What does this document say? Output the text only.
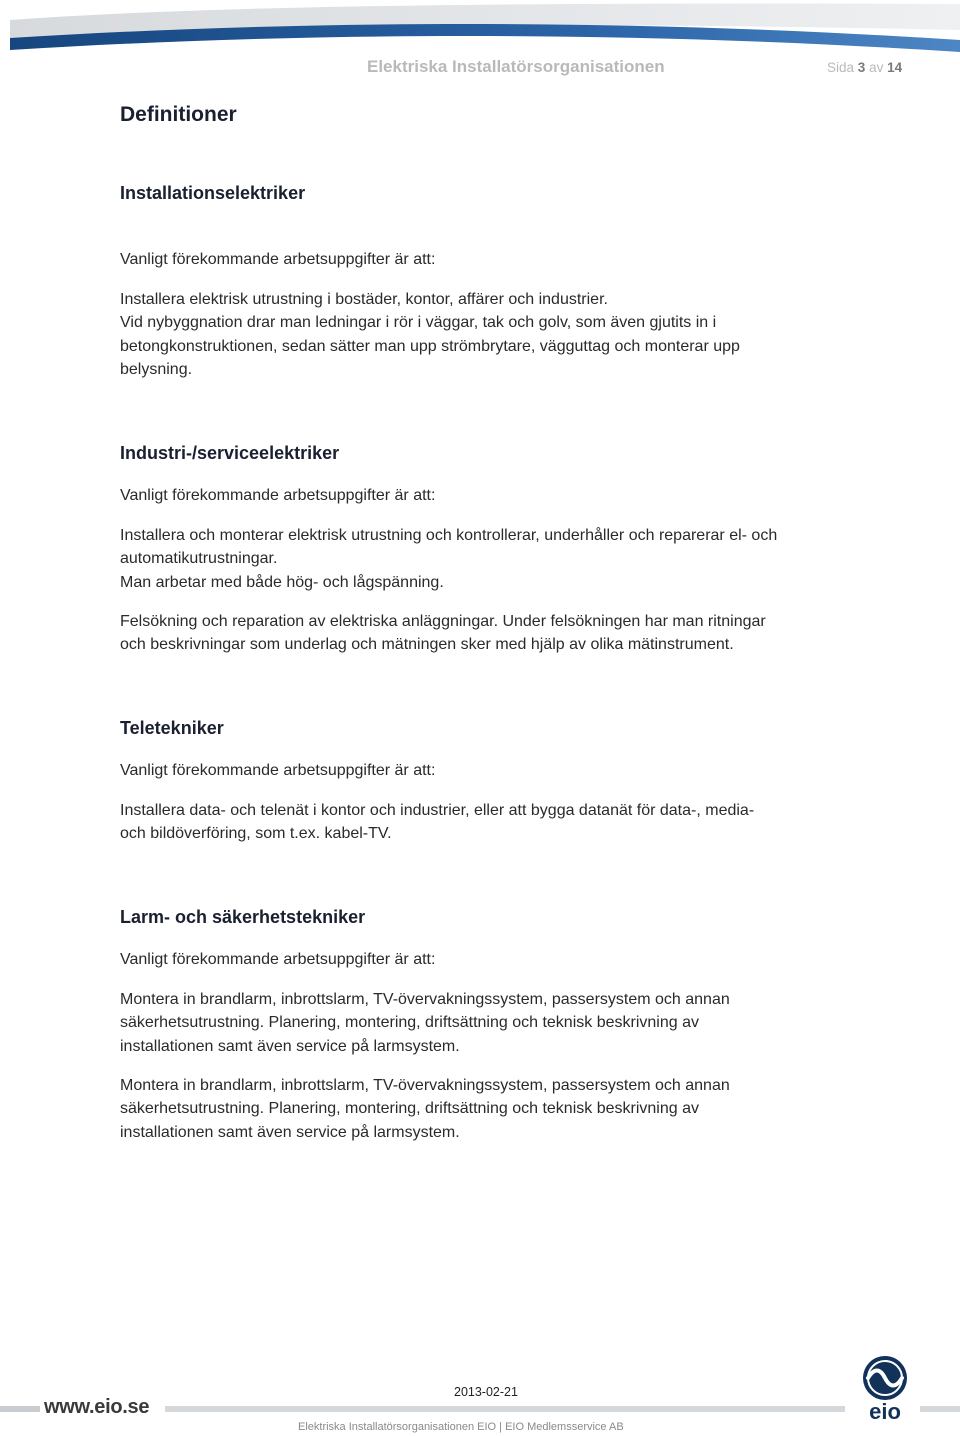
Elektriska Installatörsorganisationen	Sida 3 av 14
Definitioner
Installationselektriker

Vanligt förekommande arbetsuppgifter är att:

Installera elektrisk utrustning i bostäder, kontor, affärer och industrier.
Vid nybyggnation drar man ledningar i rör i väggar, tak och golv, som även gjutits in i
betongkonstruktionen, sedan sätter man upp strömbrytare, vägguttag och monterar upp
belysning.

Industri-/serviceelektriker

Vanligt förekommande arbetsuppgifter är att:

Installera och monterar elektrisk utrustning och kontrollerar, underhåller och reparerar el- och
automatikutrustningar.
Man arbetar med både hög- och lågspänning.

Felsökning och reparation av elektriska anläggningar. Under felsökningen har man ritningar
och beskrivningar som underlag och mätningen sker med hjälp av olika mätinstrument.

Teletekniker

Vanligt förekommande arbetsuppgifter är att:

Installera data- och telenät i kontor och industrier, eller att bygga datanät för data-, media-
och bildöverföring, som t.ex. kabel-TV.

Larm- och säkerhetstekniker

Vanligt förekommande arbetsuppgifter är att:

Montera in brandlarm, inbrottslarm, TV-övervakningssystem, passersystem och annan
säkerhetsutrustning. Planering, montering, driftsättning och teknisk beskrivning av
installationen samt även service på larmsystem.

Montera in brandlarm, inbrottslarm, TV-övervakningssystem, passersystem och annan
säkerhetsutrustning. Planering, montering, driftsättning och teknisk beskrivning av
installationen samt även service på larmsystem.

2013-02-21
www.eio.se
Elektriska Installatörsorganisationen EIO | EIO Medlemsservice AB
eio
